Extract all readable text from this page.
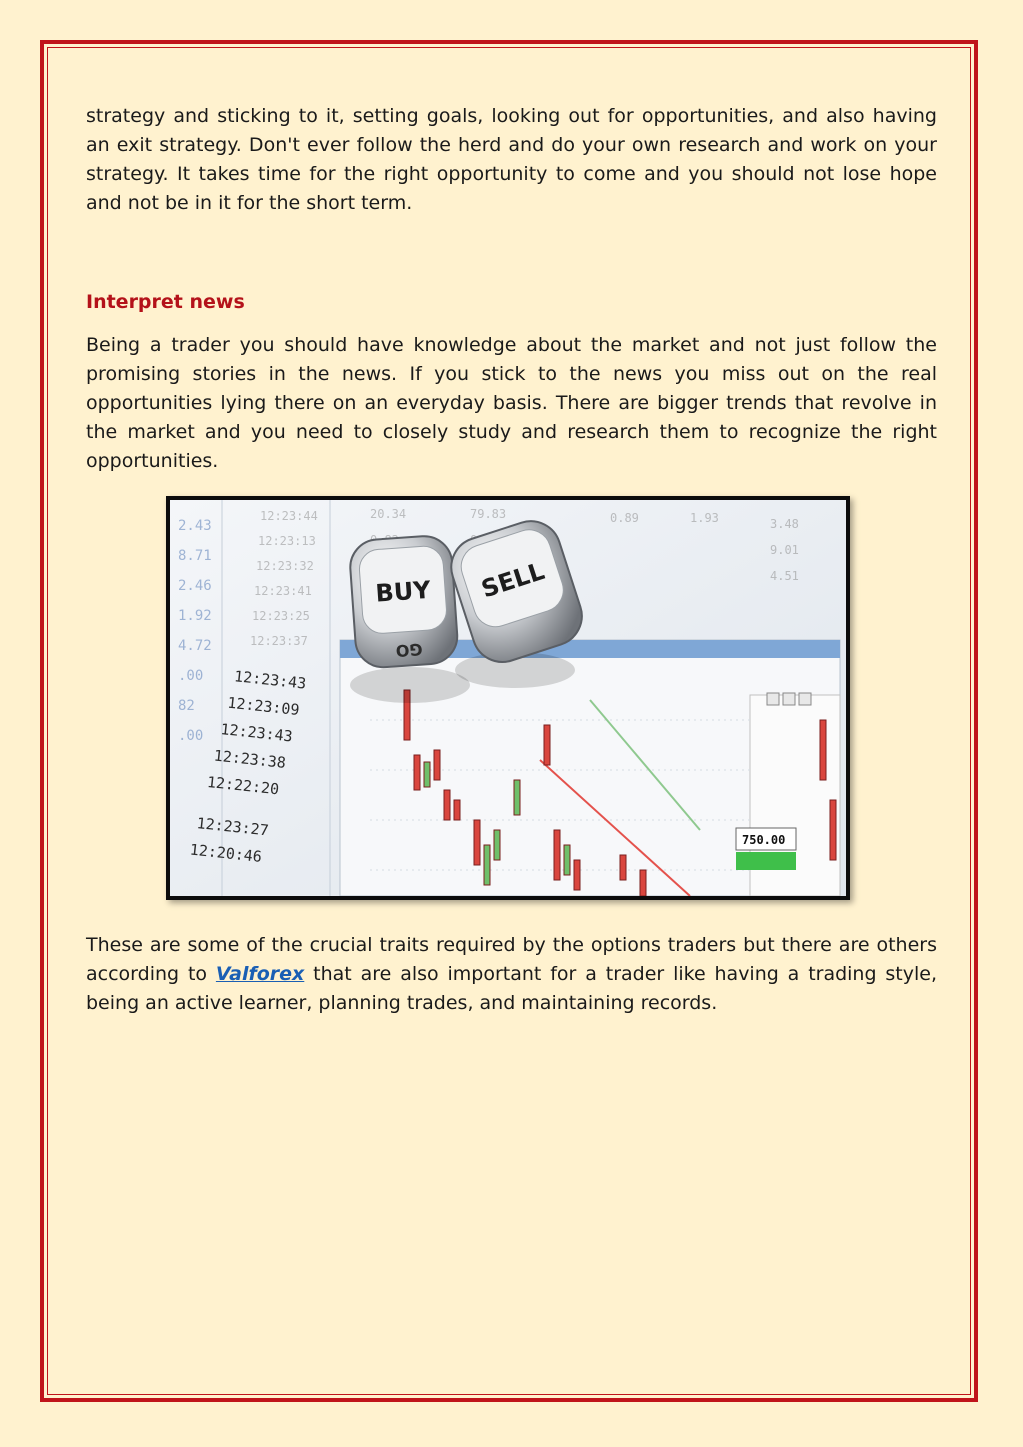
strategy and sticking to it, setting goals, looking out for opportunities, and also having an exit strategy. Don't ever follow the herd and do your own research and work on your strategy. It takes time for the right opportunity to come and you should not lose hope and not be in it for the short term.

Interpret news

Being a trader you should have knowledge about the market and not just follow the promising stories in the news. If you stick to the news you miss out on the real opportunities lying there on an everyday basis. There are bigger trends that revolve in the market and you need to closely study and research them to recognize the right opportunities.

2.43
8.71
2.46
1.92
4.72
.00
82
.00
12:23:43
12:23:09
12:23:43
12:23:38
12:22:20
12:23:27
12:20:46
12:23:44
12:23:13
12:23:32
12:23:41
12:23:25
12:23:37
20.34	79.83	0.89	1.93	3.48
9.01
4.51
750.00
BUY
GO
SELL

These are some of the crucial traits required by the options traders but there are others according to Valforex that are also important for a trader like having a trading style, being an active learner, planning trades, and maintaining records.
